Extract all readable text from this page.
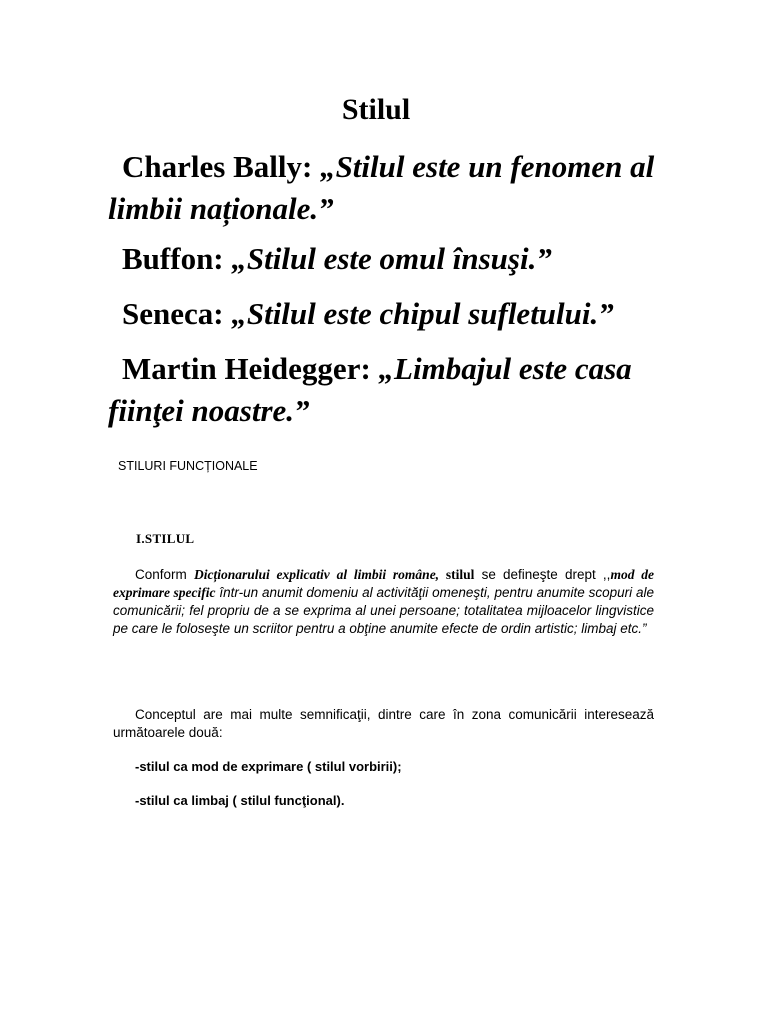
Stilul
Charles Bally: „Stilul este un fenomen al limbii naționale.”
Buffon: „Stilul este omul însuşi.”
Seneca: „Stilul este chipul sufletului.”
Martin Heidegger: „Limbajul este casa fiinţei noastre.”
STILURI FUNCȚIONALE
I.STILUL
Conform Dicționarului explicativ al limbii române, stilul se defineşte drept ,,mod de exprimare specific într-un anumit domeniu al activităţii omeneşti, pentru anumite scopuri ale comunicării; fel propriu de a se exprima al unei persoane; totalitatea mijloacelor lingvistice pe care le foloseşte un scriitor pentru a obţine anumite efecte de ordin artistic; limbaj etc.”
Conceptul are mai multe semnificaţii, dintre care în zona comunicării interesează următoarele două:
-stilul ca mod de exprimare ( stilul vorbirii);
-stilul ca limbaj ( stilul funcţional).
